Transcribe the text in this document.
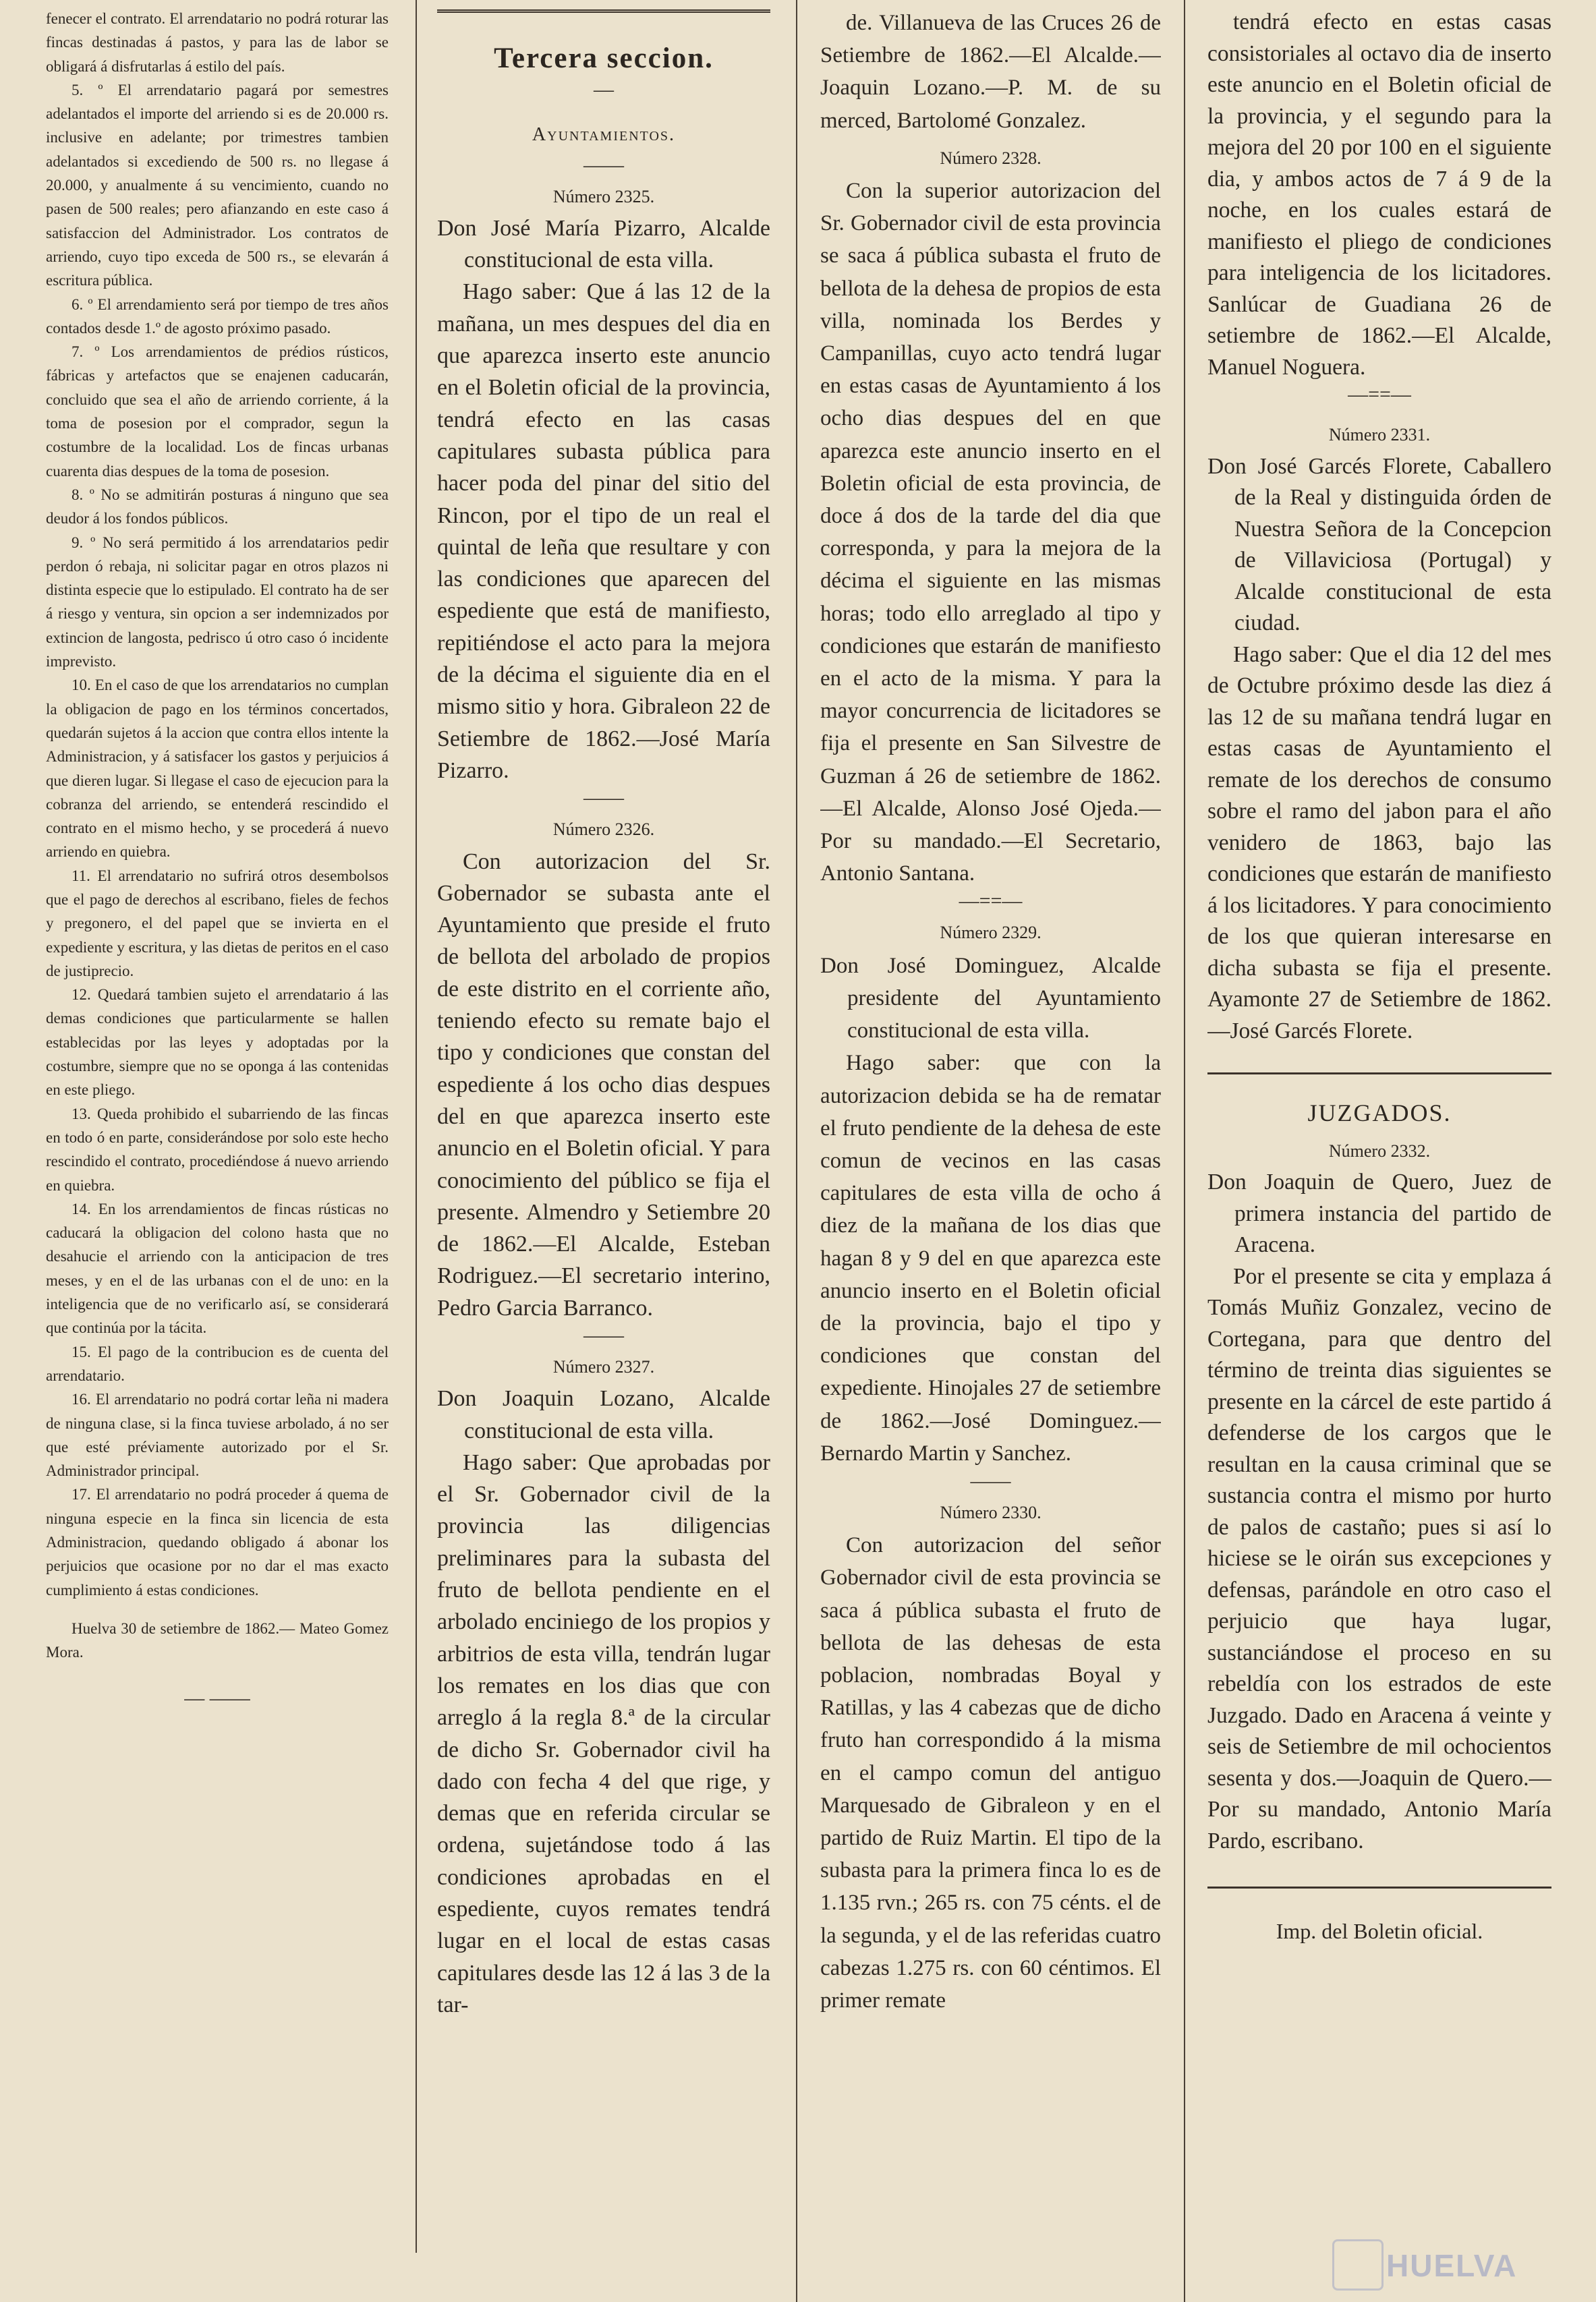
fenecer el contrato. El arrendatario no podrá roturar las fincas destinadas á pastos, y para las de labor se obligará á disfrutarlas á estilo del país.

5. º El arrendatario pagará por semestres adelantados el importe del arriendo si es de 20.000 rs. inclusive en adelante; por trimestres tambien adelantados si excediendo de 500 rs. no llegase á 20.000, y anualmente á su vencimiento, cuando no pasen de 500 reales; pero afianzando en este caso á satisfaccion del Administrador. Los contratos de arriendo, cuyo tipo exceda de 500 rs., se elevarán á escritura pública.

6. º El arrendamiento será por tiempo de tres años contados desde 1.º de agosto próximo pasado.

7. º Los arrendamientos de prédios rústicos, fábricas y artefactos que se enajenen caducarán, concluido que sea el año de arriendo corriente, á la toma de posesion por el comprador, segun la costumbre de la localidad. Los de fincas urbanas cuarenta dias despues de la toma de posesion.

8. º No se admitirán posturas á ninguno que sea deudor á los fondos públicos.

9. º No será permitido á los arrendatarios pedir perdon ó rebaja, ni solicitar pagar en otros plazos ni distinta especie que lo estipulado. El contrato ha de ser á riesgo y ventura, sin opcion a ser indemnizados por extincion de langosta, pedrisco ú otro caso ó incidente imprevisto.

10. En el caso de que los arrendatarios no cumplan la obligacion de pago en los términos concertados, quedarán sujetos á la accion que contra ellos intente la Administracion, y á satisfacer los gastos y perjuicios á que dieren lugar. Si llegase el caso de ejecucion para la cobranza del arriendo, se entenderá rescindido el contrato en el mismo hecho, y se procederá á nuevo arriendo en quiebra.

11. El arrendatario no sufrirá otros desembolsos que el pago de derechos al escribano, fieles de fechos y pregonero, el del papel que se invierta en el expediente y escritura, y las dietas de peritos en el caso de justiprecio.

12. Quedará tambien sujeto el arrendatario á las demas condiciones que particularmente se hallen establecidas por las leyes y adoptadas por la costumbre, siempre que no se oponga á las contenidas en este pliego.

13. Queda prohibido el subarriendo de las fincas en todo ó en parte, considerándose por solo este hecho rescindido el contrato, procediéndose á nuevo arriendo en quiebra.

14. En los arrendamientos de fincas rústicas no caducará la obligacion del colono hasta que no desahucie el arriendo con la anticipacion de tres meses, y en el de las urbanas con el de uno: en la inteligencia que de no verificarlo así, se considerará que continúa por la tácita.

15. El pago de la contribucion es de cuenta del arrendatario.

16. El arrendatario no podrá cortar leña ni madera de ninguna clase, si la finca tuviese arbolado, á no ser que esté préviamente autorizado por el Sr. Administrador principal.

17. El arrendatario no podrá proceder á quema de ninguna especie en la finca sin licencia de esta Administracion, quedando obligado á abonar los perjuicios que ocasione por no dar el mas exacto cumplimiento á estas condiciones.

Huelva 30 de setiembre de 1862.— Mateo Gomez Mora.

— ——

Tercera seccion.

—

Ayuntamientos.

——

Número 2325.

Don José María Pizarro, Alcalde constitucional de esta villa.

Hago saber: Que á las 12 de la mañana, un mes despues del dia en que aparezca inserto este anuncio en el Boletin oficial de la provincia, tendrá efecto en las casas capitulares subasta pública para hacer poda del pinar del sitio del Rincon, por el tipo de un real el quintal de leña que resultare y con las condiciones que aparecen del espediente que está de manifiesto, repitiéndose el acto para la mejora de la décima el siguiente dia en el mismo sitio y hora. Gibraleon 22 de Setiembre de 1862.—José María Pizarro.

——

Número 2326.

Con autorizacion del Sr. Gobernador se subasta ante el Ayuntamiento que preside el fruto de bellota del arbolado de propios de este distrito en el corriente año, teniendo efecto su remate bajo el tipo y condiciones que constan del espediente á los ocho dias despues del en que aparezca inserto este anuncio en el Boletin oficial. Y para conocimiento del público se fija el presente. Almendro y Setiembre 20 de 1862.—El Alcalde, Esteban Rodriguez.—El secretario interino, Pedro Garcia Barranco.

——

Número 2327.

Don Joaquin Lozano, Alcalde constitucional de esta villa.

Hago saber: Que aprobadas por el Sr. Gobernador civil de la provincia las diligencias preliminares para la subasta del fruto de bellota pendiente en el arbolado enciniego de los propios y arbitrios de esta villa, tendrán lugar los remates en los dias que con arreglo á la regla 8.ª de la circular de dicho Sr. Gobernador civil ha dado con fecha 4 del que rige, y demas que en referida circular se ordena, sujetándose todo á las condiciones aprobadas en el espediente, cuyos remates tendrá lugar en el local de estas casas capitulares desde las 12 á las 3 de la tar-

de. Villanueva de las Cruces 26 de Setiembre de 1862.—El Alcalde.—Joaquin Lozano.—P. M. de su merced, Bartolomé Gonzalez.

Número 2328.

Con la superior autorizacion del Sr. Gobernador civil de esta provincia se saca á pública subasta el fruto de bellota de la dehesa de propios de esta villa, nominada los Berdes y Campanillas, cuyo acto tendrá lugar en estas casas de Ayuntamiento á los ocho dias despues del en que aparezca este anuncio inserto en el Boletin oficial de esta provincia, de doce á dos de la tarde del dia que corresponda, y para la mejora de la décima el siguiente en las mismas horas; todo ello arreglado al tipo y condiciones que estarán de manifiesto en el acto de la misma. Y para la mayor concurrencia de licitadores se fija el presente en San Silvestre de Guzman á 26 de setiembre de 1862.—El Alcalde, Alonso José Ojeda.—Por su mandado.—El Secretario, Antonio Santana.

—==—

Número 2329.

Don José Dominguez, Alcalde presidente del Ayuntamiento constitucional de esta villa.

Hago saber: que con la autorizacion debida se ha de rematar el fruto pendiente de la dehesa de este comun de vecinos en las casas capitulares de esta villa de ocho á diez de la mañana de los dias que hagan 8 y 9 del en que aparezca este anuncio inserto en el Boletin oficial de la provincia, bajo el tipo y condiciones que constan del expediente. Hinojales 27 de setiembre de 1862.—José Dominguez.—Bernardo Martin y Sanchez.

——

Número 2330.

Con autorizacion del señor Gobernador civil de esta provincia se saca á pública subasta el fruto de bellota de las dehesas de esta poblacion, nombradas Boyal y Ratillas, y las 4 cabezas que de dicho fruto han correspondido á la misma en el campo comun del antiguo Marquesado de Gibraleon y en el partido de Ruiz Martin. El tipo de la subasta para la primera finca lo es de 1.135 rvn.; 265 rs. con 75 cénts. el de la segunda, y el de las referidas cuatro cabezas 1.275 rs. con 60 céntimos. El primer remate

tendrá efecto en estas casas consistoriales al octavo dia de inserto este anuncio en el Boletin oficial de la provincia, y el segundo para la mejora del 20 por 100 en el siguiente dia, y ambos actos de 7 á 9 de la noche, en los cuales estará de manifiesto el pliego de condiciones para inteligencia de los licitadores. Sanlúcar de Guadiana 26 de setiembre de 1862.—El Alcalde, Manuel Noguera.

—==—

Número 2331.

Don José Garcés Florete, Caballero de la Real y distinguida órden de Nuestra Señora de la Concepcion de Villaviciosa (Portugal) y Alcalde constitucional de esta ciudad.

Hago saber: Que el dia 12 del mes de Octubre próximo desde las diez á las 12 de su mañana tendrá lugar en estas casas de Ayuntamiento el remate de los derechos de consumo sobre el ramo del jabon para el año venidero de 1863, bajo las condiciones que estarán de manifiesto á los licitadores. Y para conocimiento de los que quieran interesarse en dicha subasta se fija el presente. Ayamonte 27 de Setiembre de 1862.—José Garcés Florete.

JUZGADOS.

Número 2332.

Don Joaquin de Quero, Juez de primera instancia del partido de Aracena.

Por el presente se cita y emplaza á Tomás Muñiz Gonzalez, vecino de Cortegana, para que dentro del término de treinta dias siguientes se presente en la cárcel de este partido á defenderse de los cargos que le resultan en la causa criminal que se sustancia contra el mismo por hurto de palos de castaño; pues si así lo hiciese se le oirán sus excepciones y defensas, parándole en otro caso el perjuicio que haya lugar, sustanciándose el proceso en su rebeldía con los estrados de este Juzgado. Dado en Aracena á veinte y seis de Setiembre de mil ochocientos sesenta y dos.—Joaquin de Quero.—Por su mandado, Antonio María Pardo, escribano.

Imp. del Boletin oficial.

HUELVA
